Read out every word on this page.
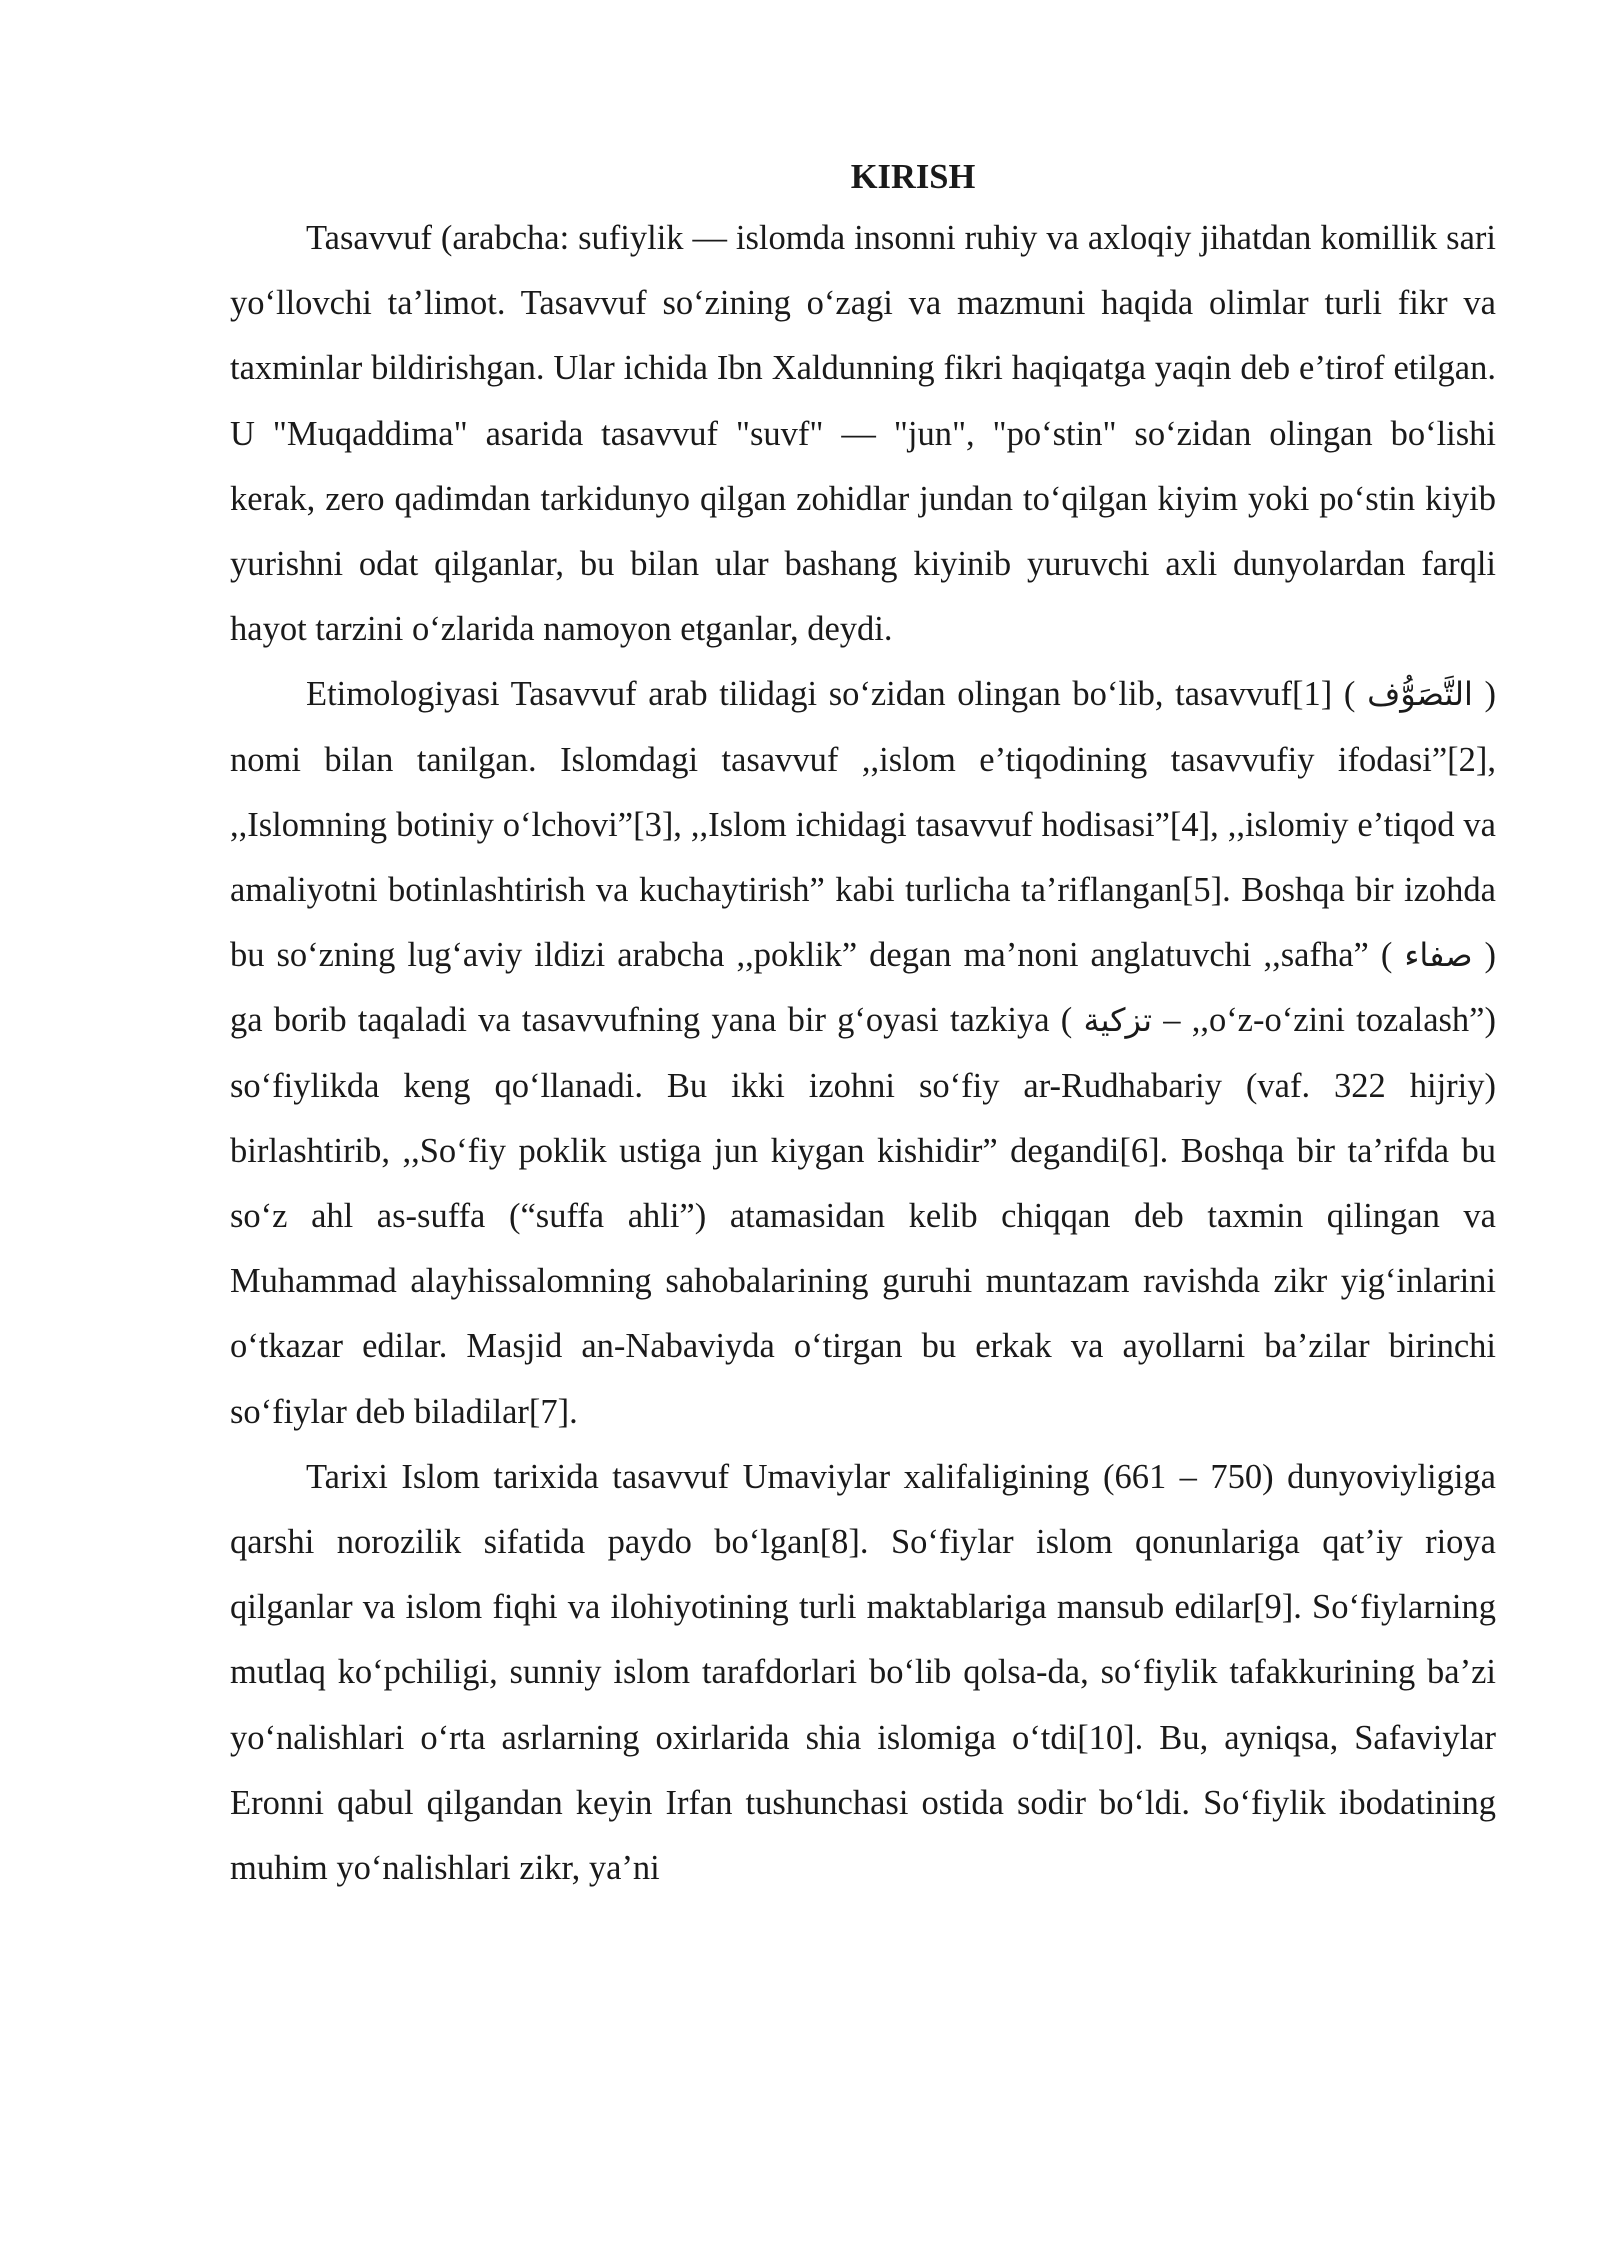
KIRISH

Tasavvuf (arabcha: sufiylik — islomda insonni ruhiy va axloqiy jihatdan komillik sari yo‘llovchi ta’limot. Tasavvuf so‘zining o‘zagi va mazmuni haqida olimlar turli fikr va taxminlar bildirishgan. Ular ichida Ibn Xaldunning fikri haqiqatga yaqin deb e’tirof etilgan. U "Muqaddima" asarida tasavvuf "suvf" — "jun", "po‘stin" so‘zidan olingan bo‘lishi kerak, zero qadimdan tarkidunyo qilgan zohidlar jundan to‘qilgan kiyim yoki po‘stin kiyib yurishni odat qilganlar, bu bilan ular bashang kiyinib yuruvchi axli dunyolardan farqli hayot tarzini o‘zlarida namoyon etganlar, deydi.

Etimologiyasi Tasavvuf arab tilidagi so‘zidan olingan bo‘lib, tasavvuf[1] ( التَّصَوُّف ) nomi bilan tanilgan. Islomdagi tasavvuf ,,islom e’tiqodining tasavvufiy ifodasi”[2], ,,Islomning botiniy o‘lchovi”[3], ,,Islom ichidagi tasavvuf hodisasi”[4], ,,islomiy e’tiqod va amaliyotni botinlashtirish va kuchaytirish” kabi turlicha ta’riflangan[5]. Boshqa bir izohda bu so‘zning lug‘aviy ildizi arabcha ,,poklik” degan ma’noni anglatuvchi ,,safha” ( صفاء ) ga borib taqaladi va tasavvufning yana bir g‘oyasi tazkiya ( تزكية – ,,o‘z-o‘zini tozalash”) so‘fiylikda keng qo‘llanadi. Bu ikki izohni so‘fiy ar-Rudhabariy (vaf. 322 hijriy) birlashtirib, ,,So‘fiy poklik ustiga jun kiygan kishidir” degandi[6]. Boshqa bir ta’rifda bu so‘z ahl as-suffa (“suffa ahli”) atamasidan kelib chiqqan deb taxmin qilingan va Muhammad alayhissalomning sahobalarining guruhi muntazam ravishda zikr yig‘inlarini o‘tkazar edilar. Masjid an-Nabaviyda o‘tirgan bu erkak va ayollarni ba’zilar birinchi so‘fiylar deb biladilar[7].

Tarixi Islom tarixida tasavvuf Umaviylar xalifaligining (661 – 750) dunyoviyligiga qarshi norozilik sifatida paydo bo‘lgan[8]. So‘fiylar islom qonunlariga qat’iy rioya qilganlar va islom fiqhi va ilohiyotining turli maktablariga mansub edilar[9]. So‘fiylarning mutlaq ko‘pchiligi, sunniy islom tarafdorlari bo‘lib qolsa-da, so‘fiylik tafakkurining ba’zi yo‘nalishlari o‘rta asrlarning oxirlarida shia islomiga o‘tdi[10]. Bu, ayniqsa, Safaviylar Eronni qabul qilgandan keyin Irfan tushunchasi ostida sodir bo‘ldi. So‘fiylik ibodatining muhim yo‘nalishlari zikr, ya’ni
